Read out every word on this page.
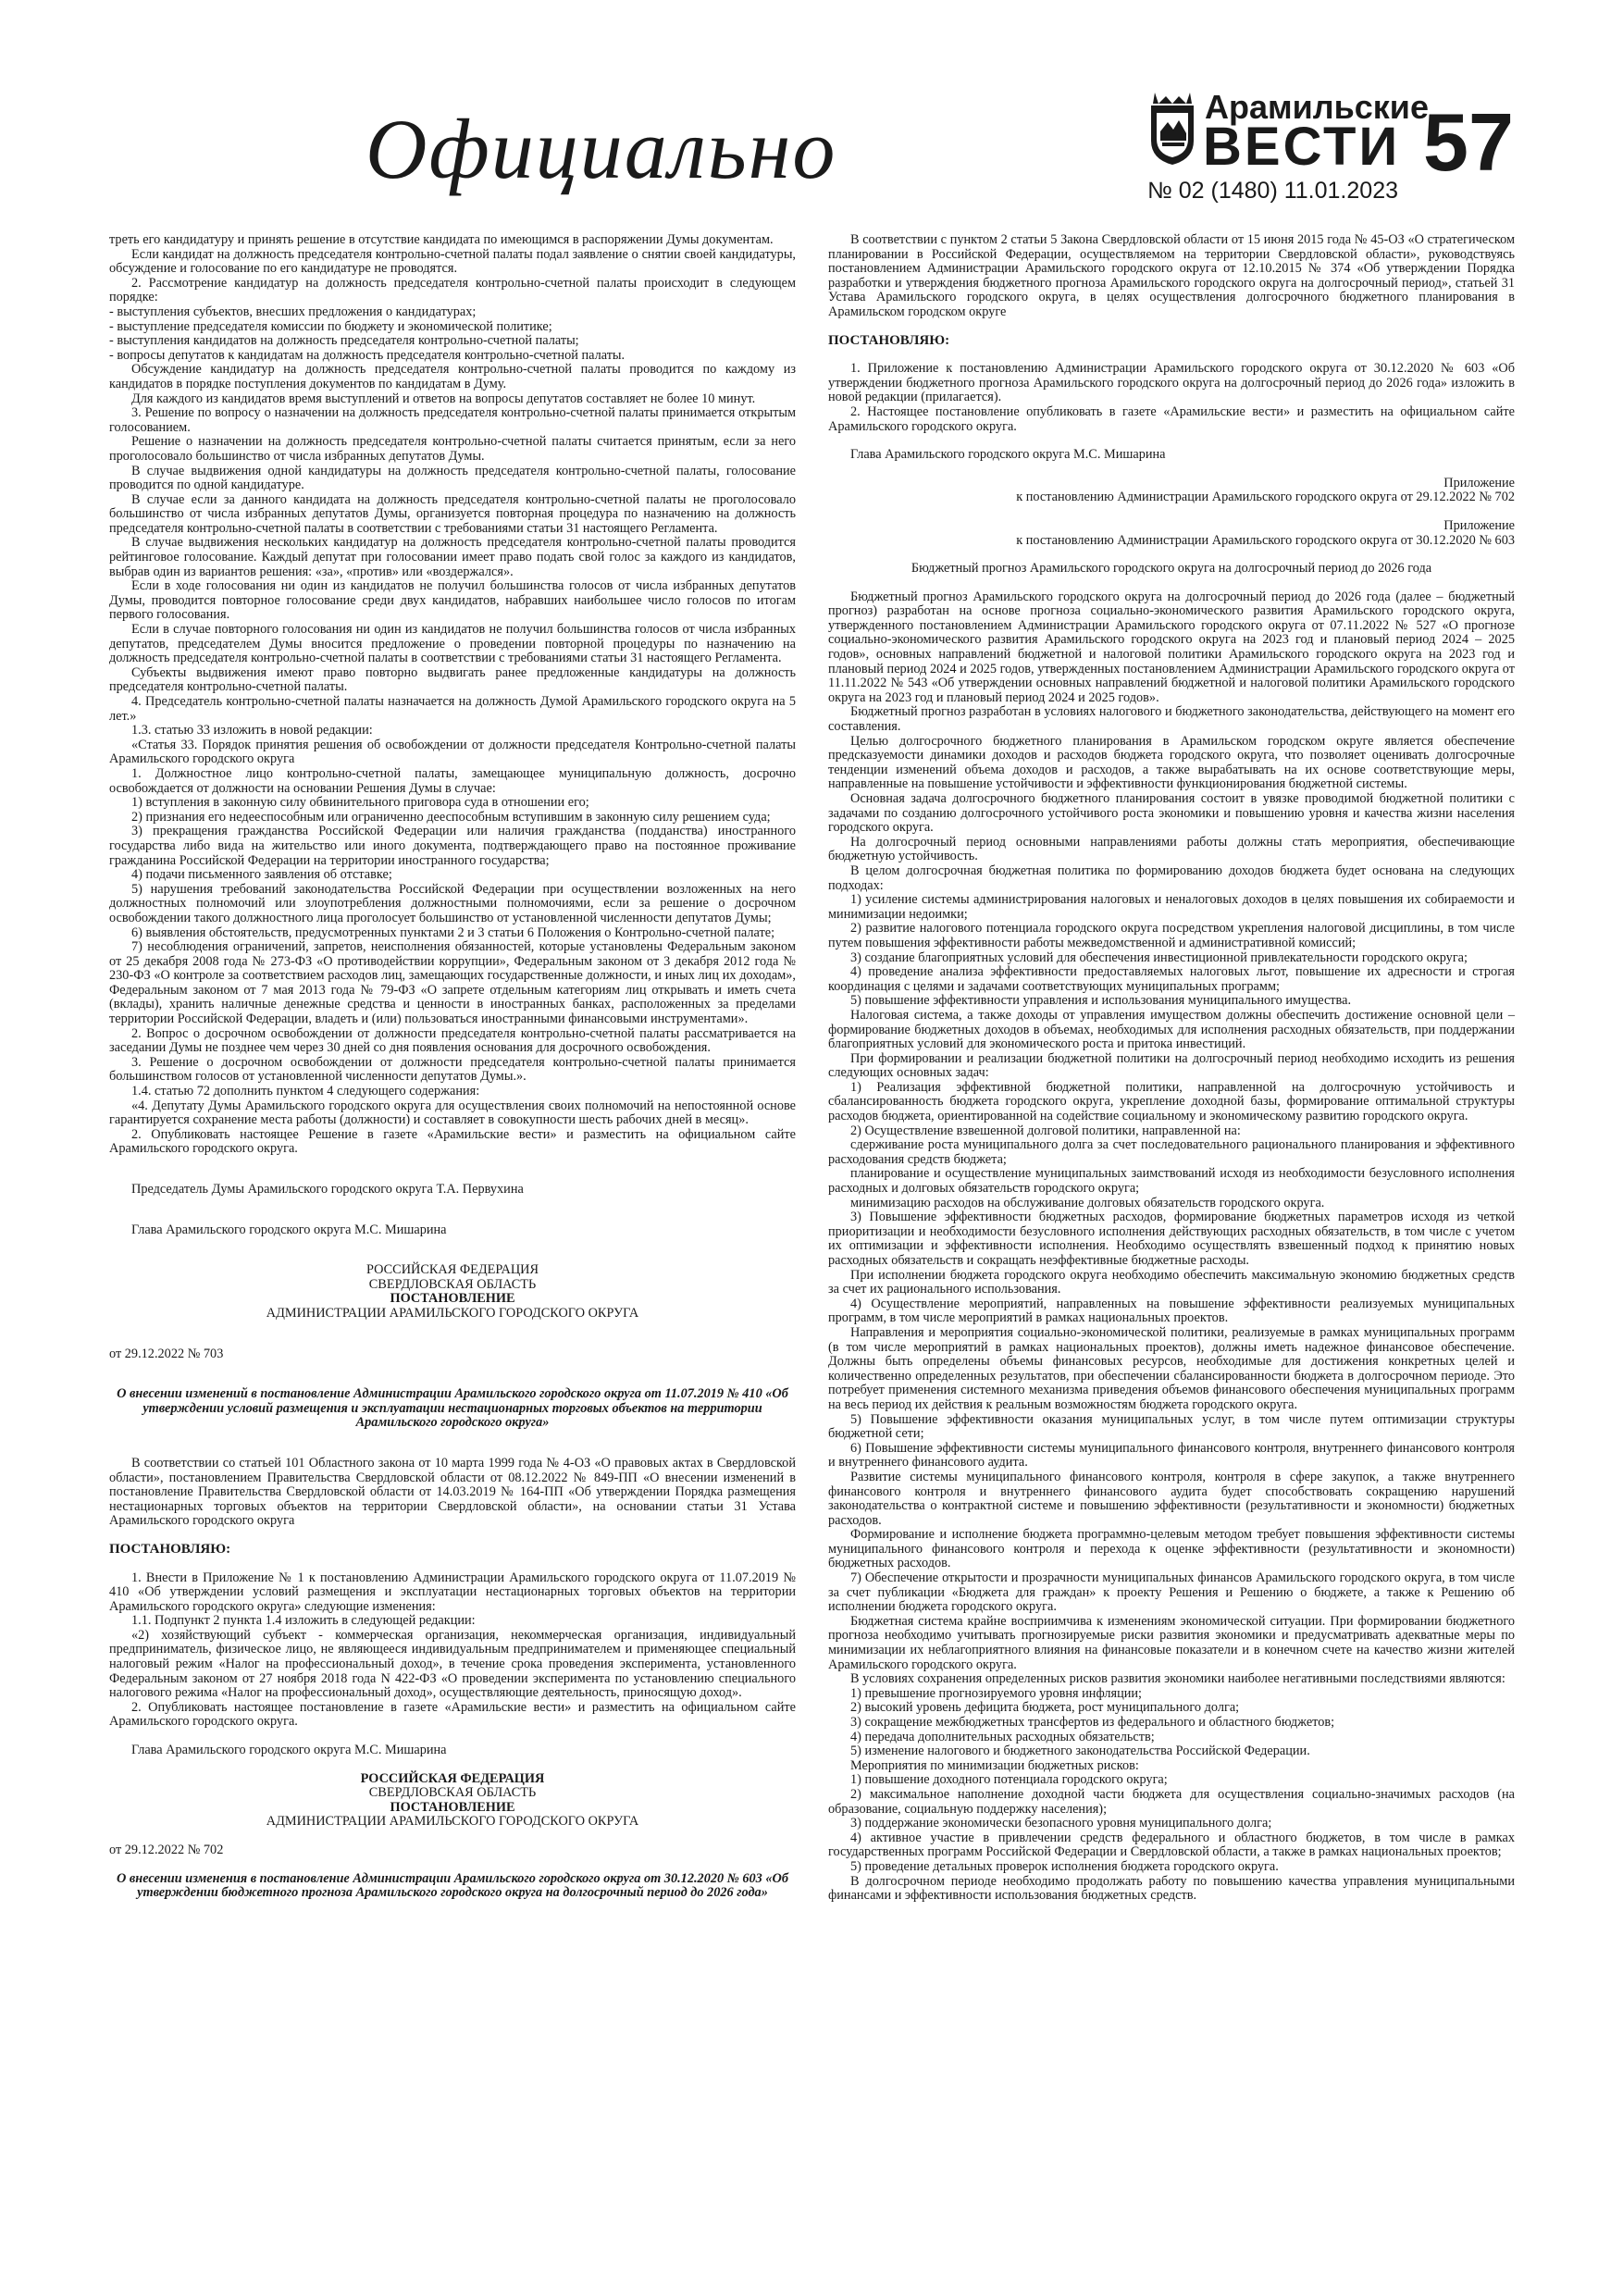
Официально	Арамильские
ВЕСТИ
№ 02 (1480) 11.01.2023
57

треть его кандидатуру и принять решение в отсутствие кандидата по имеющимся в распоряжении Думы документам.

Если кандидат на должность председателя контрольно-счетной палаты подал заявление о снятии своей кандидатуры, обсуждение и голосование по его кандидатуре не проводятся.

2. Рассмотрение кандидатур на должность председателя контрольно-счетной палаты происходит в следующем порядке:

- выступления субъектов, внесших предложения о кандидатурах;

- выступление председателя комиссии по бюджету и экономической политике;

- выступления кандидатов на должность председателя контрольно-счетной палаты;

- вопросы депутатов к кандидатам на должность председателя контрольно-счетной палаты.

Обсуждение кандидатур на должность председателя контрольно-счетной палаты проводится по каждому из кандидатов в порядке поступления документов по кандидатам в Думу.

Для каждого из кандидатов время выступлений и ответов на вопросы депутатов составляет не более 10 минут.

3. Решение по вопросу о назначении на должность председателя контрольно-счетной палаты принимается открытым голосованием.

Решение о назначении на должность председателя контрольно-счетной палаты считается принятым, если за него проголосовало большинство от числа избранных депутатов Думы.

В случае выдвижения одной кандидатуры на должность председателя контрольно-счетной палаты, голосование проводится по одной кандидатуре.

В случае если за данного кандидата на должность председателя контрольно-счетной палаты не проголосовало большинство от числа избранных депутатов Думы, организуется повторная процедура по назначению на должность председателя контрольно-счетной палаты в соответствии с требованиями статьи 31 настоящего Регламента.

В случае выдвижения нескольких кандидатур на должность председателя контрольно-счетной палаты проводится рейтинговое голосование. Каждый депутат при голосовании имеет право подать свой голос за каждого из кандидатов, выбрав один из вариантов решения: «за», «против» или «воздержался».

Если в ходе голосования ни один из кандидатов не получил большинства голосов от числа избранных депутатов Думы, проводится повторное голосование среди двух кандидатов, набравших наибольшее число голосов по итогам первого голосования.

Если в случае повторного голосования ни один из кандидатов не получил большинства голосов от числа избранных депутатов, председателем Думы вносится предложение о проведении повторной процедуры по назначению на должность председателя контрольно-счетной палаты в соответствии с требованиями статьи 31 настоящего Регламента.

Субъекты выдвижения имеют право повторно выдвигать ранее предложенные кандидатуры на должность председателя контрольно-счетной палаты.

4. Председатель контрольно-счетной палаты назначается на должность Думой Арамильского городского округа на 5 лет.»

1.3. статью 33 изложить в новой редакции:

«Статья 33. Порядок принятия решения об освобождении от должности председателя Контрольно-счетной палаты Арамильского городского округа

1. Должностное лицо контрольно-счетной палаты, замещающее муниципальную должность, досрочно освобождается от должности на основании Решения Думы в случае:

1) вступления в законную силу обвинительного приговора суда в отношении его;

2) признания его недееспособным или ограниченно дееспособным вступившим в законную силу решением суда;

3) прекращения гражданства Российской Федерации или наличия гражданства (подданства) иностранного государства либо вида на жительство или иного документа, подтверждающего право на постоянное проживание гражданина Российской Федерации на территории иностранного государства;

4) подачи письменного заявления об отставке;

5) нарушения требований законодательства Российской Федерации при осуществлении возложенных на него должностных полномочий или злоупотребления должностными полномочиями, если за решение о досрочном освобождении такого должностного лица проголосует большинство от установленной численности депутатов Думы;

6) выявления обстоятельств, предусмотренных пунктами 2 и 3 статьи 6 Положения о Контрольно-счетной палате;

7) несоблюдения ограничений, запретов, неисполнения обязанностей, которые установлены Федеральным законом от 25 декабря 2008 года № 273-ФЗ «О противодействии коррупции», Федеральным законом от 3 декабря 2012 года № 230-ФЗ «О контроле за соответствием расходов лиц, замещающих государственные должности, и иных лиц их доходам», Федеральным законом от 7 мая 2013 года № 79-ФЗ «О запрете отдельным категориям лиц открывать и иметь счета (вклады), хранить наличные денежные средства и ценности в иностранных банках, расположенных за пределами территории Российской Федерации, владеть и (или) пользоваться иностранными финансовыми инструментами».

2. Вопрос о досрочном освобождении от должности председателя контрольно-счетной палаты рассматривается на заседании Думы не позднее чем через 30 дней со дня появления основания для досрочного освобождения.

3. Решение о досрочном освобождении от должности председателя контрольно-счетной палаты принимается большинством голосов от установленной численности депутатов Думы.».

1.4. статью 72 дополнить пунктом 4 следующего содержания:

«4. Депутату Думы Арамильского городского округа для осуществления своих полномочий на непостоянной основе гарантируется сохранение места работы (должности) и составляет в совокупности шесть рабочих дней в месяц».

2. Опубликовать настоящее Решение в газете «Арамильские вести» и разместить на официальном сайте Арамильского городского округа.

Председатель Думы Арамильского городского округа Т.А. Первухина

Глава Арамильского городского округа М.С. Мишарина

РОССИЙСКАЯ ФЕДЕРАЦИЯ

СВЕРДЛОВСКАЯ ОБЛАСТЬ

ПОСТАНОВЛЕНИЕ

АДМИНИСТРАЦИИ АРАМИЛЬСКОГО ГОРОДСКОГО ОКРУГА

от 29.12.2022 № 703

О внесении изменений в постановление Администрации Арамильского городского округа от 11.07.2019 № 410 «Об утверждении условий размещения и эксплуатации нестационарных торговых объектов на территории Арамильского городского округа»

В соответствии со статьей 101 Областного закона от 10 марта 1999 года № 4-ОЗ «О правовых актах в Свердловской области», постановлением Правительства Свердловской области от 08.12.2022 № 849-ПП «О внесении изменений в постановление Правительства Свердловской области от 14.03.2019 № 164-ПП «Об утверждении Порядка размещения нестационарных торговых объектов на территории Свердловской области», на основании статьи 31 Устава Арамильского городского округа

ПОСТАНОВЛЯЮ:

1. Внести в Приложение № 1 к постановлению Администрации Арамильского городского округа от 11.07.2019 № 410 «Об утверждении условий размещения и эксплуатации нестационарных торговых объектов на территории Арамильского городского округа» следующие изменения:

1.1. Подпункт 2 пункта 1.4 изложить в следующей редакции:

«2) хозяйствующий субъект - коммерческая организация, некоммерческая организация, индивидуальный предприниматель, физическое лицо, не являющееся индивидуальным предпринимателем и применяющее специальный налоговый режим «Налог на профессиональный доход», в течение срока проведения эксперимента, установленного Федеральным законом от 27 ноября 2018 года N 422-ФЗ «О проведении эксперимента по установлению специального налогового режима «Налог на профессиональный доход», осуществляющие деятельность, приносящую доход».

2. Опубликовать настоящее постановление в газете «Арамильские вести» и разместить на официальном сайте Арамильского городского округа.

Глава Арамильского городского округа М.С. Мишарина

РОССИЙСКАЯ ФЕДЕРАЦИЯ

СВЕРДЛОВСКАЯ ОБЛАСТЬ

ПОСТАНОВЛЕНИЕ

АДМИНИСТРАЦИИ АРАМИЛЬСКОГО ГОРОДСКОГО ОКРУГА

от 29.12.2022 № 702

О внесении изменения в постановление Администрации Арамильского городского округа от 30.12.2020 № 603 «Об утверждении бюджетного прогноза Арамильского городского округа на долгосрочный период до 2026 года»

В соответствии с пунктом 2 статьи 5 Закона Свердловской области от 15 июня 2015 года № 45-ОЗ «О стратегическом планировании в Российской Федерации, осуществляемом на территории Свердловской области», руководствуясь постановлением Администрации Арамильского городского округа от 12.10.2015 № 374 «Об утверждении Порядка разработки и утверждения бюджетного прогноза Арамильского городского округа на долгосрочный период», статьей 31 Устава Арамильского городского округа, в целях осуществления долгосрочного бюджетного планирования в Арамильском городском округе

ПОСТАНОВЛЯЮ:

1. Приложение к постановлению Администрации Арамильского городского округа от 30.12.2020 № 603 «Об утверждении бюджетного прогноза Арамильского городского округа на долгосрочный период до 2026 года» изложить в новой редакции (прилагается).

2. Настоящее постановление опубликовать в газете «Арамильские вести» и разместить на официальном сайте Арамильского городского округа.

Глава Арамильского городского округа М.С. Мишарина

Приложение

к постановлению Администрации Арамильского городского округа от 29.12.2022 № 702

Приложение

к постановлению Администрации Арамильского городского округа от 30.12.2020 № 603

Бюджетный прогноз Арамильского городского округа на долгосрочный период до 2026 года

Бюджетный прогноз Арамильского городского округа на долгосрочный период до 2026 года (далее – бюджетный прогноз) разработан на основе прогноза социально-экономического развития Арамильского городского округа, утвержденного постановлением Администрации Арамильского городского округа от 07.11.2022 № 527 «О прогнозе социально-экономического развития Арамильского городского округа на 2023 год и плановый период 2024 – 2025 годов», основных направлений бюджетной и налоговой политики Арамильского городского округа на 2023 год и плановый период 2024 и 2025 годов, утвержденных постановлением Администрации Арамильского городского округа от 11.11.2022 № 543 «Об утверждении основных направлений бюджетной и налоговой политики Арамильского городского округа на 2023 год и плановый период 2024 и 2025 годов».

Бюджетный прогноз разработан в условиях налогового и бюджетного законодательства, действующего на момент его составления.

Целью долгосрочного бюджетного планирования в Арамильском городском округе является обеспечение предсказуемости динамики доходов и расходов бюджета городского округа, что позволяет оценивать долгосрочные тенденции изменений объема доходов и расходов, а также вырабатывать на их основе соответствующие меры, направленные на повышение устойчивости и эффективности функционирования бюджетной системы.

Основная задача долгосрочного бюджетного планирования состоит в увязке проводимой бюджетной политики с задачами по созданию долгосрочного устойчивого роста экономики и повышению уровня и качества жизни населения городского округа.

На долгосрочный период основными направлениями работы должны стать мероприятия, обеспечивающие бюджетную устойчивость.

В целом долгосрочная бюджетная политика по формированию доходов бюджета будет основана на следующих подходах:

1) усиление системы администрирования налоговых и неналоговых доходов в целях повышения их собираемости и минимизации недоимки;

2) развитие налогового потенциала городского округа посредством укрепления налоговой дисциплины, в том числе путем повышения эффективности работы межведомственной и административной комиссий;

3) создание благоприятных условий для обеспечения инвестиционной привлекательности городского округа;

4) проведение анализа эффективности предоставляемых налоговых льгот, повышение их адресности и строгая координация с целями и задачами соответствующих муниципальных программ;

5) повышение эффективности управления и использования муниципального имущества.

Налоговая система, а также доходы от управления имуществом должны обеспечить достижение основной цели – формирование бюджетных доходов в объемах, необходимых для исполнения расходных обязательств, при поддержании благоприятных условий для экономического роста и притока инвестиций.

При формировании и реализации бюджетной политики на долгосрочный период необходимо исходить из решения следующих основных задач:

1) Реализация эффективной бюджетной политики, направленной на долгосрочную устойчивость и сбалансированность бюджета городского округа, укрепление доходной базы, формирование оптимальной структуры расходов бюджета, ориентированной на содействие социальному и экономическому развитию городского округа.

2) Осуществление взвешенной долговой политики, направленной на:

сдерживание роста муниципального долга за счет последовательного рационального планирования и эффективного расходования средств бюджета;

планирование и осуществление муниципальных заимствований исходя из необходимости безусловного исполнения расходных и долговых обязательств городского округа;

минимизацию расходов на обслуживание долговых обязательств городского округа.

3) Повышение эффективности бюджетных расходов, формирование бюджетных параметров исходя из четкой приоритизации и необходимости безусловного исполнения действующих расходных обязательств, в том числе с учетом их оптимизации и эффективности исполнения. Необходимо осуществлять взвешенный подход к принятию новых расходных обязательств и сокращать неэффективные бюджетные расходы.

При исполнении бюджета городского округа необходимо обеспечить максимальную экономию бюджетных средств за счет их рационального использования.

4) Осуществление мероприятий, направленных на повышение эффективности реализуемых муниципальных программ, в том числе мероприятий в рамках национальных проектов.

Направления и мероприятия социально-экономической политики, реализуемые в рамках муниципальных программ (в том числе мероприятий в рамках национальных проектов), должны иметь надежное финансовое обеспечение. Должны быть определены объемы финансовых ресурсов, необходимые для достижения конкретных целей и количественно определенных результатов, при обеспечении сбалансированности бюджета в долгосрочном периоде. Это потребует применения системного механизма приведения объемов финансового обеспечения муниципальных программ на весь период их действия к реальным возможностям бюджета городского округа.

5) Повышение эффективности оказания муниципальных услуг, в том числе путем оптимизации структуры бюджетной сети;

6) Повышение эффективности системы муниципального финансового контроля, внутреннего финансового контроля и внутреннего финансового аудита.

Развитие системы муниципального финансового контроля, контроля в сфере закупок, а также внутреннего финансового контроля и внутреннего финансового аудита будет способствовать сокращению нарушений законодательства о контрактной системе и повышению эффективности (результативности и экономности) бюджетных расходов.

Формирование и исполнение бюджета программно-целевым методом требует повышения эффективности системы муниципального финансового контроля и перехода к оценке эффективности (результативности и экономности) бюджетных расходов.

7) Обеспечение открытости и прозрачности муниципальных финансов Арамильского городского округа, в том числе за счет публикации «Бюджета для граждан» к проекту Решения и Решению о бюджете, а также к Решению об исполнении бюджета городского округа.

Бюджетная система крайне восприимчива к изменениям экономической ситуации. При формировании бюджетного прогноза необходимо учитывать прогнозируемые риски развития экономики и предусматривать адекватные меры по минимизации их неблагоприятного влияния на финансовые показатели и в конечном счете на качество жизни жителей Арамильского городского округа.

В условиях сохранения определенных рисков развития экономики наиболее негативными последствиями являются:

1) превышение прогнозируемого уровня инфляции;

2) высокий уровень дефицита бюджета, рост муниципального долга;

3) сокращение межбюджетных трансфертов из федерального и областного бюджетов;

4) передача дополнительных расходных обязательств;

5) изменение налогового и бюджетного законодательства Российской Федерации.

Мероприятия по минимизации бюджетных рисков:

1) повышение доходного потенциала городского округа;

2) максимальное наполнение доходной части бюджета для осуществления социально-значимых расходов (на образование, социальную поддержку населения);

3) поддержание экономически безопасного уровня муниципального долга;

4) активное участие в привлечении средств федерального и областного бюджетов, в том числе в рамках государственных программ Российской Федерации и Свердловской области, а также в рамках национальных проектов;

5) проведение детальных проверок исполнения бюджета городского округа.

В долгосрочном периоде необходимо продолжать работу по повышению качества управления муниципальными финансами и эффективности использования бюджетных средств.
